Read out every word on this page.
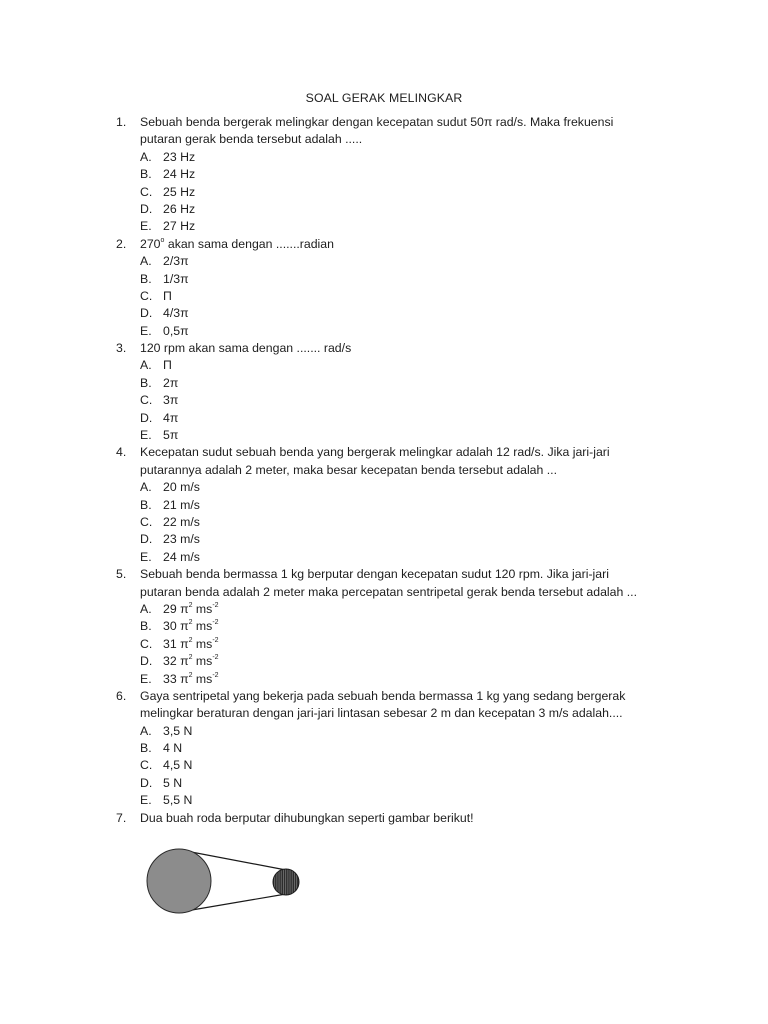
SOAL GERAK MELINGKAR
1. Sebuah benda bergerak melingkar dengan kecepatan sudut 50π rad/s. Maka frekuensi
putaran gerak benda tersebut adalah .....
A. 23 Hz
B. 24 Hz
C. 25 Hz
D. 26 Hz
E. 27 Hz
2. 270$^o$ akan sama dengan .......radian
A. 2/3π
B. 1/3π
C. Π
D. 4/3π
E. 0,5π
3. 120 rpm akan sama dengan ....... rad/s
A. Π
B. 2π
C. 3π
D. 4π
E. 5π
4. Kecepatan sudut sebuah benda yang bergerak melingkar adalah 12 rad/s. Jika jari-jari
putarannya adalah 2 meter, maka besar kecepatan benda tersebut adalah ...
A. 20 m/s
B. 21 m/s
C. 22 m/s
D. 23 m/s
E. 24 m/s
5. Sebuah benda bermassa 1 kg berputar dengan kecepatan sudut 120 rpm. Jika jari-jari
putaran benda adalah 2 meter maka percepatan sentripetal gerak benda tersebut adalah ...
A. 29 $\pi^2$ $ms^{-2}$
B. 30 $\pi^2$ $ms^{-2}$
C. 31 $\pi^2$ $ms^{-2}$
D. 32 $\pi^2$ $ms^{-2}$
E. 33 $\pi^2$ $ms^{-2}$
6. Gaya sentripetal yang bekerja pada sebuah benda bermassa 1 kg yang sedang bergerak
melingkar beraturan dengan jari-jari lintasan sebesar 2 m dan kecepatan 3 m/s adalah....
A. 3,5 N
B. 4 N
C. 4,5 N
D. 5 N
E. 5,5 N
7. Dua buah roda berputar dihubungkan seperti gambar berikut!
